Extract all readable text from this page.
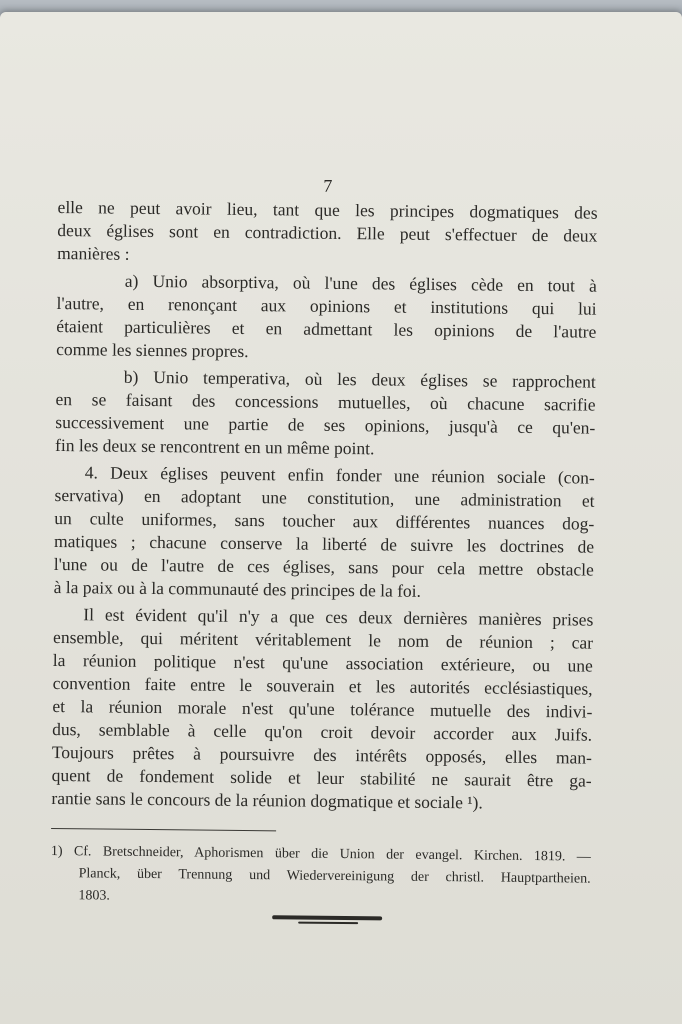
7
elle ne peut avoir lieu, tant que les principes dogmatiques des
deux églises sont en contradiction. Elle peut s'effectuer de deux
manières :
a) Unio absorptiva, où l'une des églises cède en tout à
l'autre, en renonçant aux opinions et institutions qui lui
étaient particulières et en admettant les opinions de l'autre
comme les siennes propres.
b) Unio temperativa, où les deux églises se rapprochent
en se faisant des concessions mutuelles, où chacune sacrifie
successivement une partie de ses opinions, jusqu'à ce qu'en-
fin les deux se rencontrent en un même point.
4. Deux églises peuvent enfin fonder une réunion sociale (con-
servativa) en adoptant une constitution, une administration et
un culte uniformes, sans toucher aux différentes nuances dog-
matiques ; chacune conserve la liberté de suivre les doctrines de
l'une ou de l'autre de ces églises, sans pour cela mettre obstacle
à la paix ou à la communauté des principes de la foi.
Il est évident qu'il n'y a que ces deux dernières manières prises
ensemble, qui méritent véritablement le nom de réunion ; car
la réunion politique n'est qu'une association extérieure, ou une
convention faite entre le souverain et les autorités ecclésiastiques,
et la réunion morale n'est qu'une tolérance mutuelle des indivi-
dus, semblable à celle qu'on croit devoir accorder aux Juifs.
Toujours prêtes à poursuivre des intérêts opposés, elles man-
quent de fondement solide et leur stabilité ne saurait être ga-
rantie sans le concours de la réunion dogmatique et sociale ¹).
1) Cf. Bretschneider, Aphorismen über die Union der evangel. Kirchen. 1819. —
Planck, über Trennung und Wiedervereinigung der christl. Hauptpartheien.
1803.
